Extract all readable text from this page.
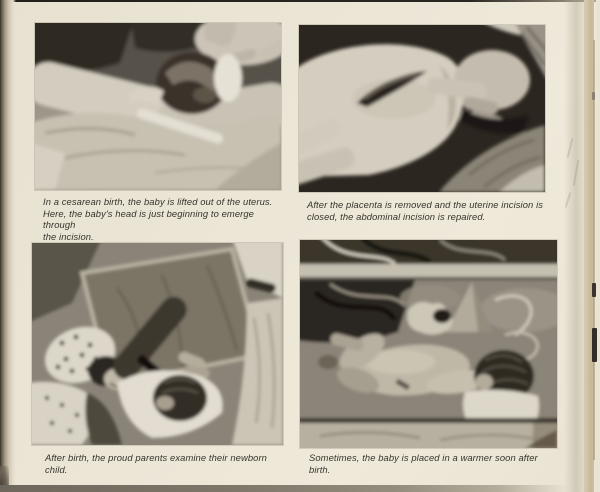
In a cesarean birth, the baby is lifted out of the uterus.
Here, the baby's head is just beginning to emerge through
the incision.
After the placenta is removed and the uterine incision is
closed, the abdominal incision is repaired.
After birth, the proud parents examine their newborn child.
Sometimes, the baby is placed in a warmer soon after birth.
